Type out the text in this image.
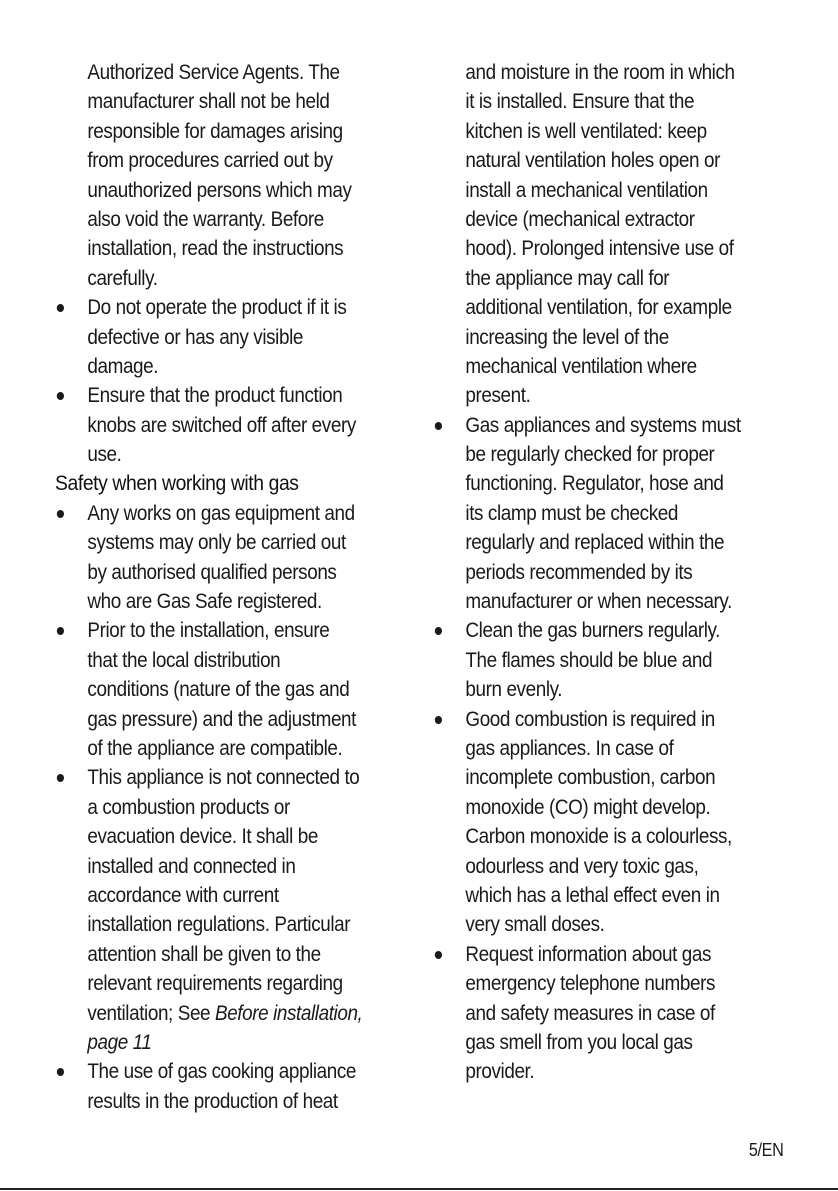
Authorized Service Agents. The
manufacturer shall not be held
responsible for damages arising
from procedures carried out by
unauthorized persons which may
also void the warranty. Before
installation, read the instructions
carefully.
Do not operate the product if it is
defective or has any visible
damage.
Ensure that the product function
knobs are switched off after every
use.
Safety when working with gas
Any works on gas equipment and
systems may only be carried out
by authorised qualified persons
who are Gas Safe registered.
Prior to the installation, ensure
that the local distribution
conditions (nature of the gas and
gas pressure) and the adjustment
of the appliance are compatible.
This appliance is not connected to
a combustion products or
evacuation device. It shall be
installed and connected in
accordance with current
installation regulations. Particular
attention shall be given to the
relevant requirements regarding
ventilation; See Before installation,
page 11
The use of gas cooking appliance
results in the production of heat
and moisture in the room in which
it is installed. Ensure that the
kitchen is well ventilated: keep
natural ventilation holes open or
install a mechanical ventilation
device (mechanical extractor
hood). Prolonged intensive use of
the appliance may call for
additional ventilation, for example
increasing the level of the
mechanical ventilation where
present.
Gas appliances and systems must
be regularly checked for proper
functioning. Regulator, hose and
its clamp must be checked
regularly and replaced within the
periods recommended by its
manufacturer or when necessary.
Clean the gas burners regularly.
The flames should be blue and
burn evenly.
Good combustion is required in
gas appliances. In case of
incomplete combustion, carbon
monoxide (CO) might develop.
Carbon monoxide is a colourless,
odourless and very toxic gas,
which has a lethal effect even in
very small doses.
Request information about gas
emergency telephone numbers
and safety measures in case of
gas smell from you local gas
provider.
5/EN
